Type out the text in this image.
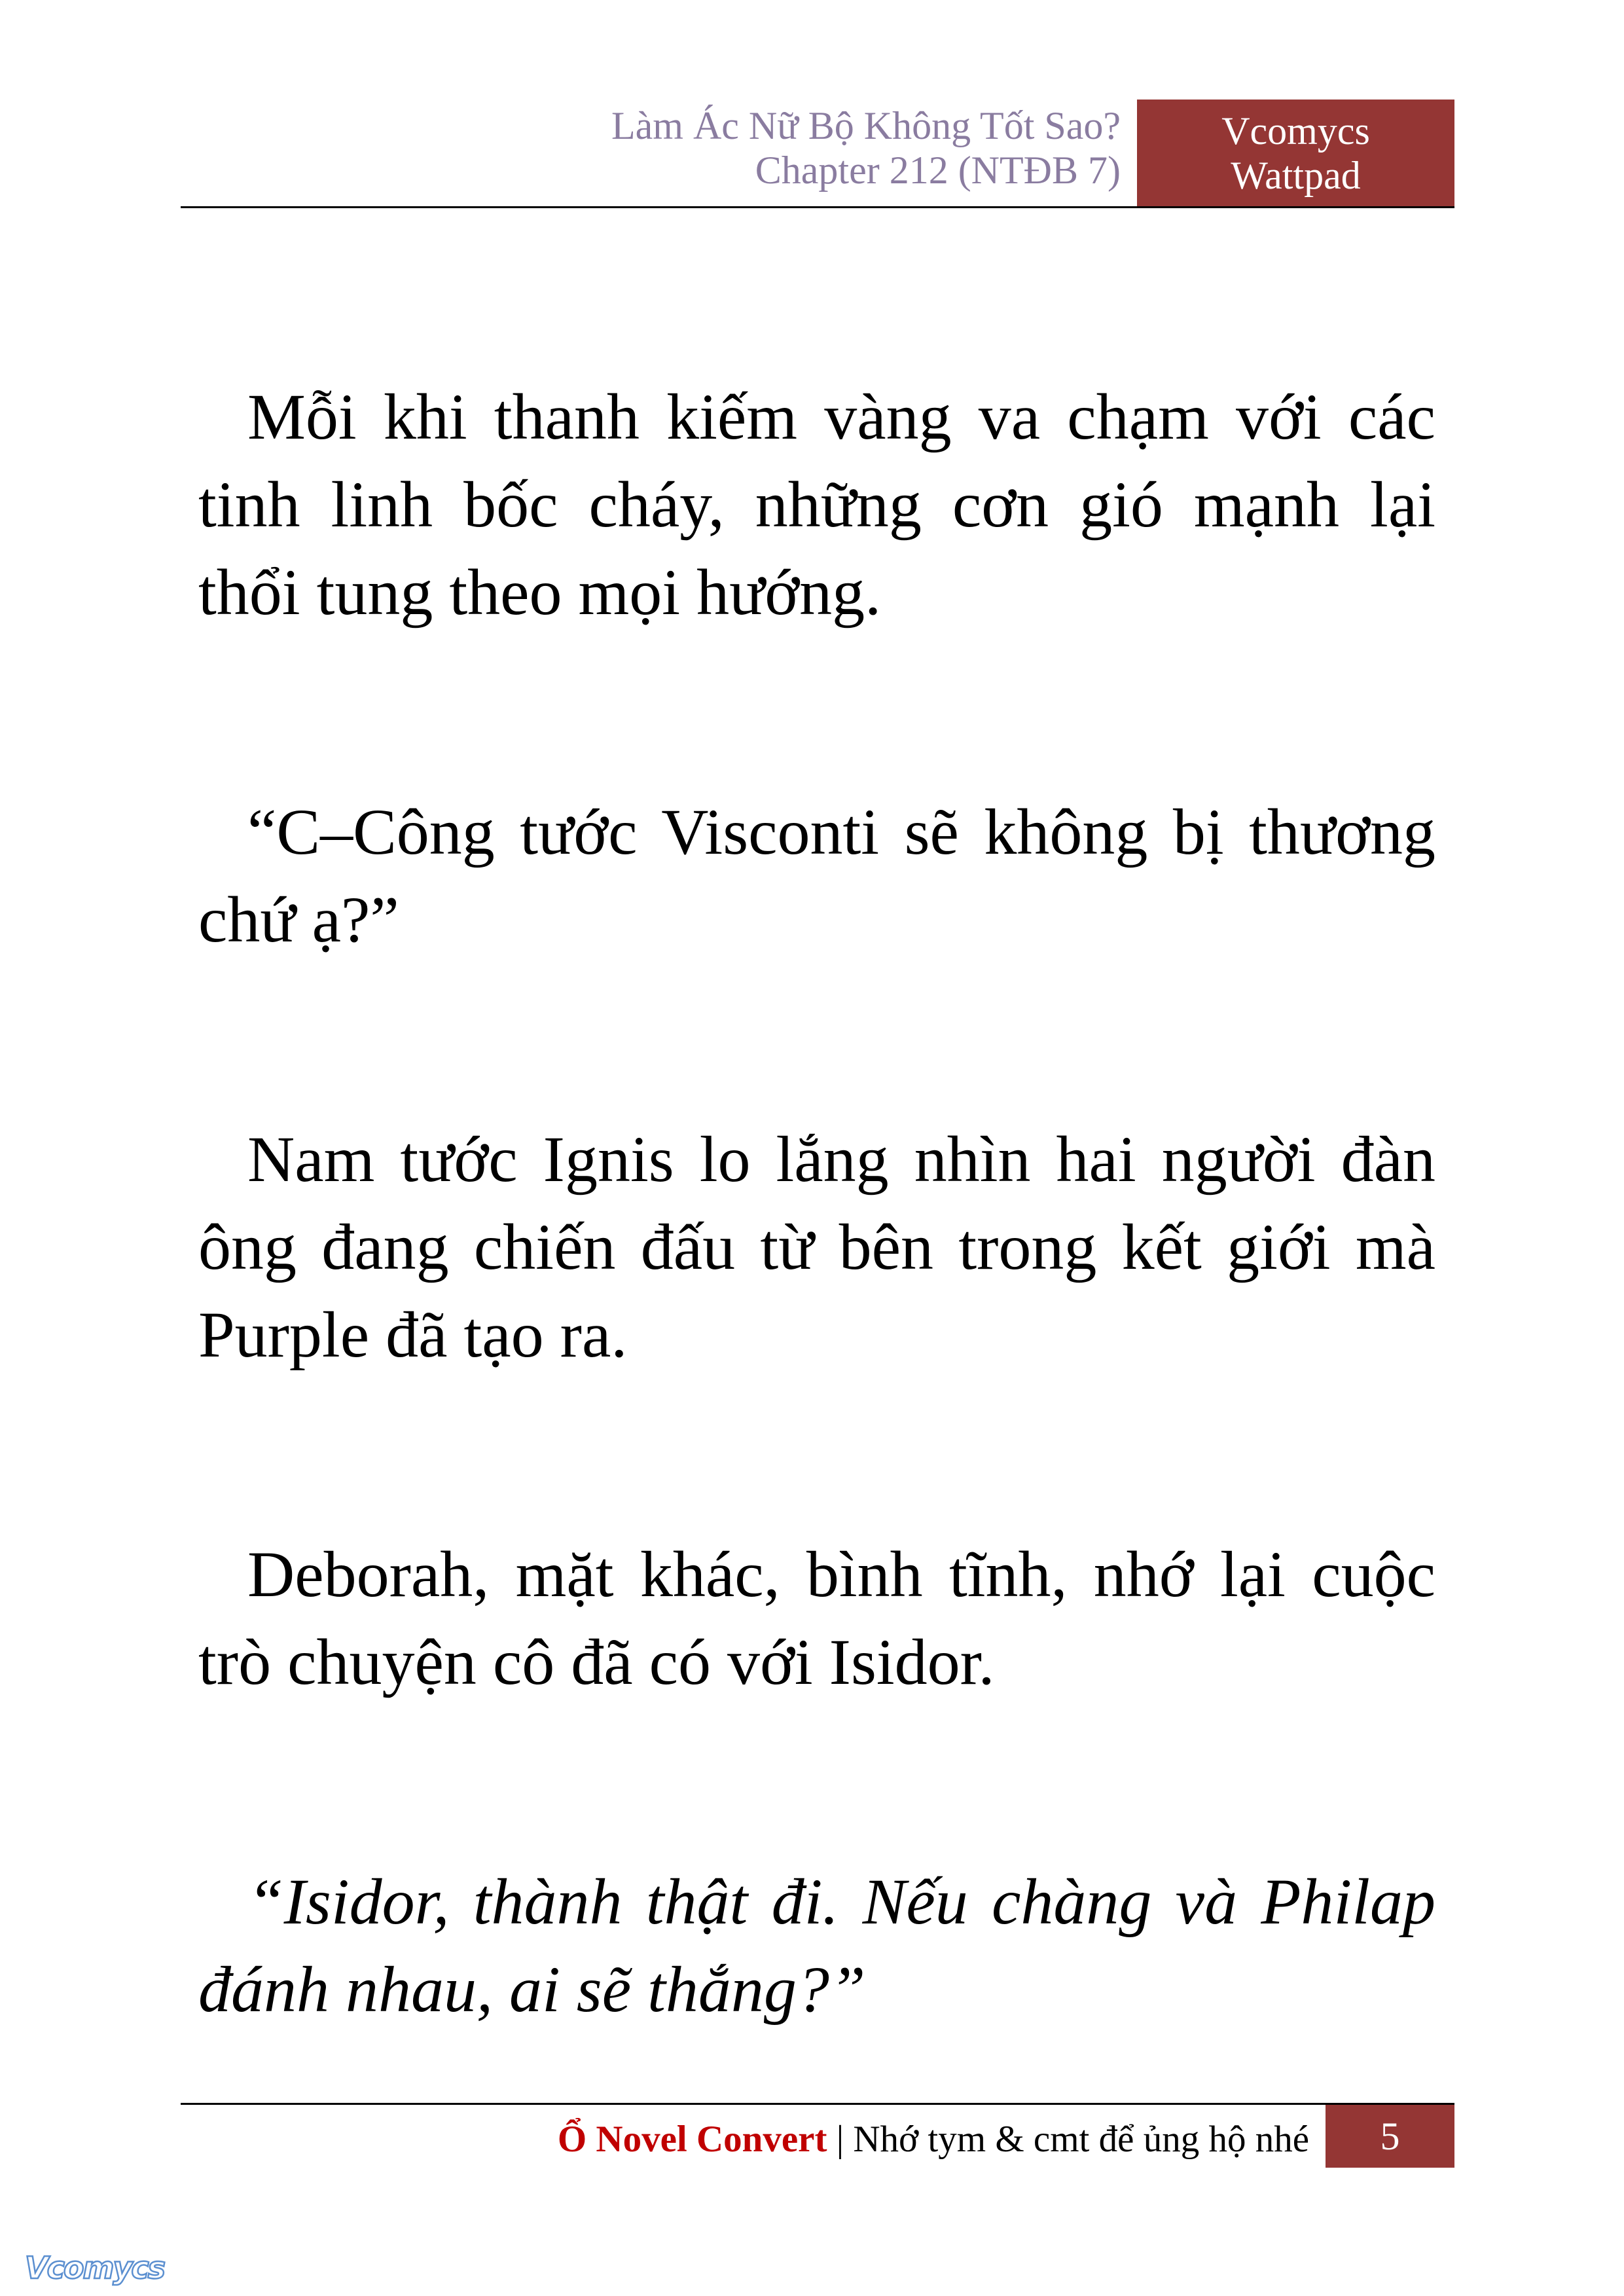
Làm Ác Nữ Bộ Không Tốt Sao?
Chapter 212 (NTĐB 7)
Vcomycs
Wattpad

Mỗi khi thanh kiếm vàng va chạm với các tinh linh bốc cháy, những cơn gió mạnh lại thổi tung theo mọi hướng.

“C–Công tước Visconti sẽ không bị thương chứ ạ?”

Nam tước Ignis lo lắng nhìn hai người đàn ông đang chiến đấu từ bên trong kết giới mà Purple đã tạo ra.

Deborah, mặt khác, bình tĩnh, nhớ lại cuộc trò chuyện cô đã có với Isidor.

“Isidor, thành thật đi. Nếu chàng và Philap đánh nhau, ai sẽ thắng?”

Ổ Novel Convert | Nhớ tym & cmt để ủng hộ nhé	5
Vcomycs
